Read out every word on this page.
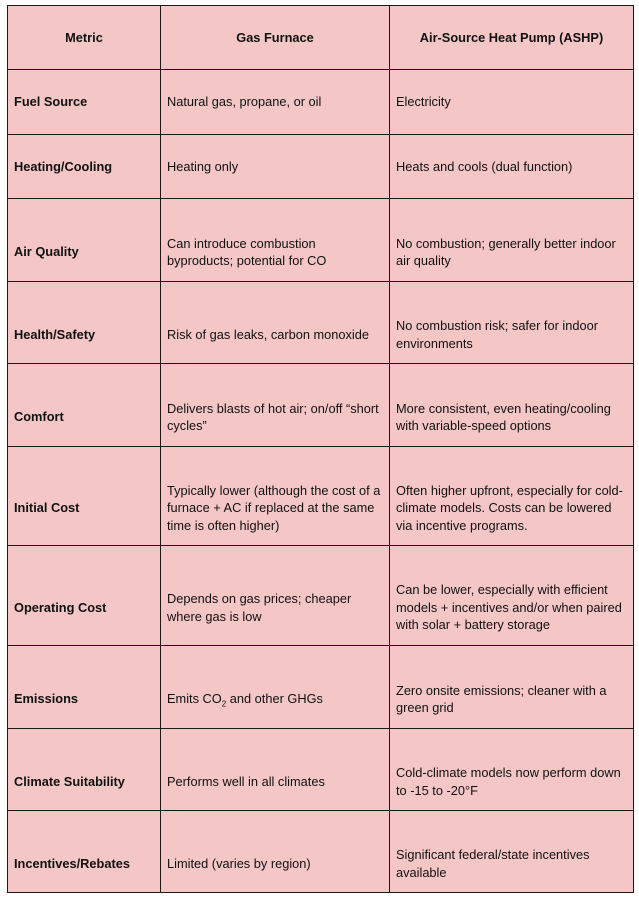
Metric	Gas Furnace	Air-Source Heat Pump (ASHP)
Fuel Source	Natural gas, propane, or oil	Electricity
Heating/Cooling	Heating only	Heats and cools (dual function)
Air Quality	Can introduce combustion byproducts; potential for CO	No combustion; generally better indoor air quality
Health/Safety	Risk of gas leaks, carbon monoxide	No combustion risk; safer for indoor environments
Comfort	Delivers blasts of hot air; on/off “short cycles”	More consistent, even heating/cooling with variable-speed options
Initial Cost	Typically lower (although the cost of a furnace + AC if replaced at the same time is often higher)	Often higher upfront, especially for cold-climate models. Costs can be lowered via incentive programs.
Operating Cost	Depends on gas prices; cheaper where gas is low	Can be lower, especially with efficient models + incentives and/or when paired with solar + battery storage
Emissions	Emits $CO_2$ and other GHGs	Zero onsite emissions; cleaner with a green grid
Climate Suitability	Performs well in all climates	Cold-climate models now perform down to -15 to -20°F
Incentives/Rebates	Limited (varies by region)	Significant federal/state incentives available
